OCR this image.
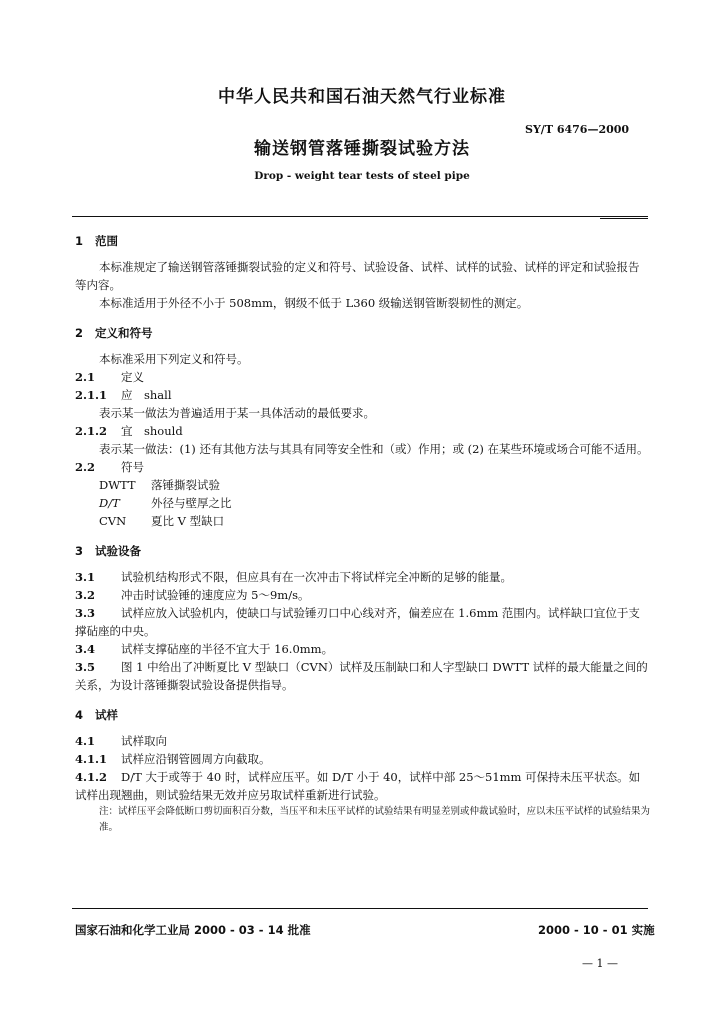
中华人民共和国石油天然气行业标准
SY/T 6476—2000
输送钢管落锤撕裂试验方法
Drop - weight tear tests of steel pipe

1 范围

本标准规定了输送钢管落锤撕裂试验的定义和符号、试验设备、试样、试样的试验、试样的评定和试验报告等内容。

本标准适用于外径不小于 508mm，钢级不低于 L360 级输送钢管断裂韧性的测定。

2 定义和符号

本标准采用下列定义和符号。

2.1 定义

2.1.1 应　shall

表示某一做法为普遍适用于某一具体活动的最低要求。

2.1.2 宜　should

表示某一做法：(1) 还有其他方法与其具有同等安全性和（或）作用；或 (2) 在某些环境或场合可能不适用。

2.2 符号

DWTT 落锤撕裂试验

D/T	外径与壁厚之比

CVN 夏比 V 型缺口

3 试验设备

3.1 试验机结构形式不限，但应具有在一次冲击下将试样完全冲断的足够的能量。

3.2 冲击时试验锤的速度应为 5～9m/s。

3.3 试样应放入试验机内，使缺口与试验锤刃口中心线对齐，偏差应在 1.6mm 范围内。试样缺口宜位于支撑砧座的中央。

3.4 试样支撑砧座的半径不宜大于 16.0mm。

3.5 图 1 中给出了冲断夏比 V 型缺口（CVN）试样及压制缺口和人字型缺口 DWTT 试样的最大能量之间的关系，为设计落锤撕裂试验设备提供指导。

4 试样

4.1 试样取向

4.1.1 试样应沿钢管圆周方向截取。

4.1.2 D/T 大于或等于 40 时，试样应压平。如 D/T 小于 40，试样中部 25～51mm 可保持未压平状态。如试样出现翘曲，则试验结果无效并应另取试样重新进行试验。

注：试样压平会降低断口剪切面积百分数，当压平和未压平试样的试验结果有明显差别或仲裁试验时，应以未压平试样的试验结果为准。

国家石油和化学工业局 2000 - 03 - 14 批准	2000 - 10 - 01 实施
— 1 —
